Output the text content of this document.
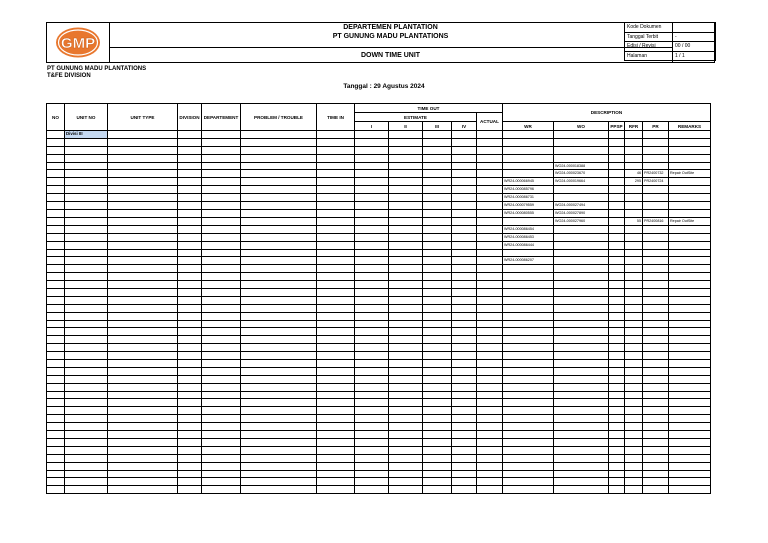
GMP
DEPARTEMEN PLANTATION
PT GUNUNG MADU PLANTATIONS
DOWN TIME UNIT
Kode Dokumen	
Tanggal Terbit	-
Edisi / Revisi	00 / 00
Halaman	1 / 1
PT GUNUNG MADU PLANTATIONS
T&FE DIVISION
Tanggal : 29 Agustus 2024
NO	UNIT NO	UNIT TYPE	DIVISION	DEPARTEMENT	PROBLEM / TROUBLE	TIME IN	TIME OUT					DESCRIPTION					
							ESTIMATE				ACTUAL						
							I	II	III	IV		WR	WO	PPSP	RFR	PR	REMARKS
	Divisi III																

													WO24-000018388				
													WO24-000023670		46	PR2400732	Repair OutSite
												WR24-000066945	WO24-000019664		295	PR2400724	
												WR24-000085796					
												WR24-000086731					
												WR24-000079559	WO24-000027494				
												WR24-000080555	WO24-000027890				
													WO24-000027960		55	PR2400816	Repair OutSite
												WR24-000086454					
												WR24-000086453					
												WR24-000086444					

												WR24-000086207					
